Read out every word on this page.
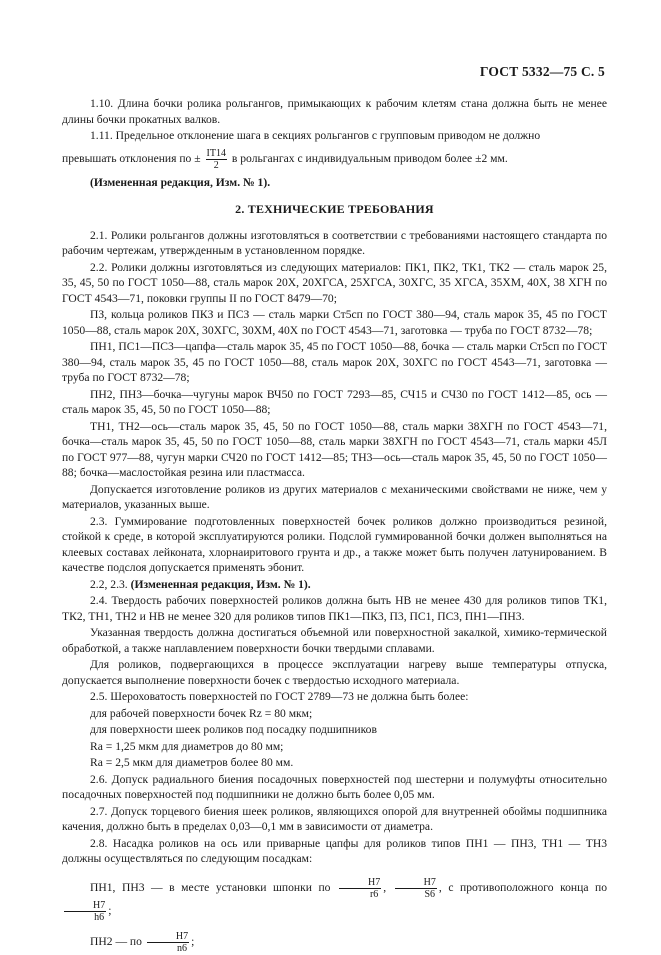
ГОСТ 5332—75 С. 5

1.10. Длина бочки ролика рольгангов, примыкающих к рабочим клетям стана должна быть не менее длины бочки прокатных валков.

1.11. Предельное отклонение шага в секциях рольгангов с групповым приводом не должно

превышать отклонения по ± $\frac{IT14}{2}$ в рольгангах с индивидуальным приводом более ±2 мм.

(Измененная редакция, Изм. № 1).

2. ТЕХНИЧЕСКИЕ ТРЕБОВАНИЯ

2.1. Ролики рольгангов должны изготовляться в соответствии с требованиями настоящего стандарта по рабочим чертежам, утвержденным в установленном порядке.

2.2. Ролики должны изготовляться из следующих материалов: ПК1, ПК2, ТК1, ТК2 — сталь марок 25, 35, 45, 50 по ГОСТ 1050—88, сталь марок 20Х, 20ХГСА, 25ХГСА, 30ХГС, 35 ХГСА, 35ХМ, 40Х, 38 ХГН по ГОСТ 4543—71, поковки группы II по ГОСТ 8479—70;

ПЗ, кольца роликов ПКЗ и ПСЗ — сталь марки Ст5сп по ГОСТ 380—94, сталь марок 35, 45 по ГОСТ 1050—88, сталь марок 20Х, 30ХГС, 30ХМ, 40Х по ГОСТ 4543—71, заготовка — труба по ГОСТ 8732—78;

ПН1, ПС1—ПС3—цапфа—сталь марок 35, 45 по ГОСТ 1050—88, бочка — сталь марки Ст5сп по ГОСТ 380—94, сталь марок 35, 45 по ГОСТ 1050—88, сталь марок 20Х, 30ХГС по ГОСТ 4543—71, заготовка — труба по ГОСТ 8732—78;

ПН2, ПН3—бочка—чугуны марок ВЧ50 по ГОСТ 7293—85, СЧ15 и СЧ30 по ГОСТ 1412—85, ось — сталь марок 35, 45, 50 по ГОСТ 1050—88;

ТН1, ТН2—ось—сталь марок 35, 45, 50 по ГОСТ 1050—88, сталь марки 38ХГН по ГОСТ 4543—71, бочка—сталь марок 35, 45, 50 по ГОСТ 1050—88, сталь марки 38ХГН по ГОСТ 4543—71, сталь марки 45Л по ГОСТ 977—88, чугун марки СЧ20 по ГОСТ 1412—85; ТН3—ось—сталь марок 35, 45, 50 по ГОСТ 1050—88; бочка—маслостойкая резина или пластмасса.

Допускается изготовление роликов из других материалов с механическими свойствами не ниже, чем у материалов, указанных выше.

2.3. Гуммирование подготовленных поверхностей бочек роликов должно производиться резиной, стойкой к среде, в которой эксплуатируются ролики. Подслой гуммированной бочки должен выполняться на клеевых составах лейконата, хлорнаиритового грунта и др., а также может быть получен латунированием. В качестве подслоя допускается применять эбонит.

2.2, 2.3. (Измененная редакция, Изм. № 1).

2.4. Твердость рабочих поверхностей роликов должна быть НВ не менее 430 для роликов типов ТК1, ТК2, ТН1, ТН2 и НВ не менее 320 для роликов типов ПК1—ПК3, П3, ПС1, ПС3, ПН1—ПН3.

Указанная твердость должна достигаться объемной или поверхностной закалкой, химико-термической обработкой, а также наплавлением поверхности бочки твердыми сплавами.

Для роликов, подвергающихся в процессе эксплуатации нагреву выше температуры отпуска, допускается выполнение поверхности бочек с твердостью исходного материала.

2.5. Шероховатость поверхностей по ГОСТ 2789—73 не должна быть более:

для рабочей поверхности бочек Rz = 80 мкм;

для поверхности шеек роликов под посадку подшипников

Ra = 1,25 мкм для диаметров до 80 мм;

Ra = 2,5 мкм для диаметров более 80 мм.

2.6. Допуск радиального биения посадочных поверхностей под шестерни и полумуфты относительно посадочных поверхностей под подшипники не должно быть более 0,05 мм.

2.7. Допуск торцевого биения шеек роликов, являющихся опорой для внутренней обоймы подшипника качения, должно быть в пределах 0,03—0,1 мм в зависимости от диаметра.

2.8. Насадка роликов на ось или приварные цапфы для роликов типов ПН1 — ПН3, ТН1 — ТН3 должны осуществляться по следующим посадкам:

ПН1, ПН3 — в месте установки шпонки по $\frac{H7}{r6}$ , $\frac{H7}{S6}$ , с противоположного конца по
$\frac{H7}{h6}$ ;

ПН2 — по $\frac{H7}{n6}$ ;
